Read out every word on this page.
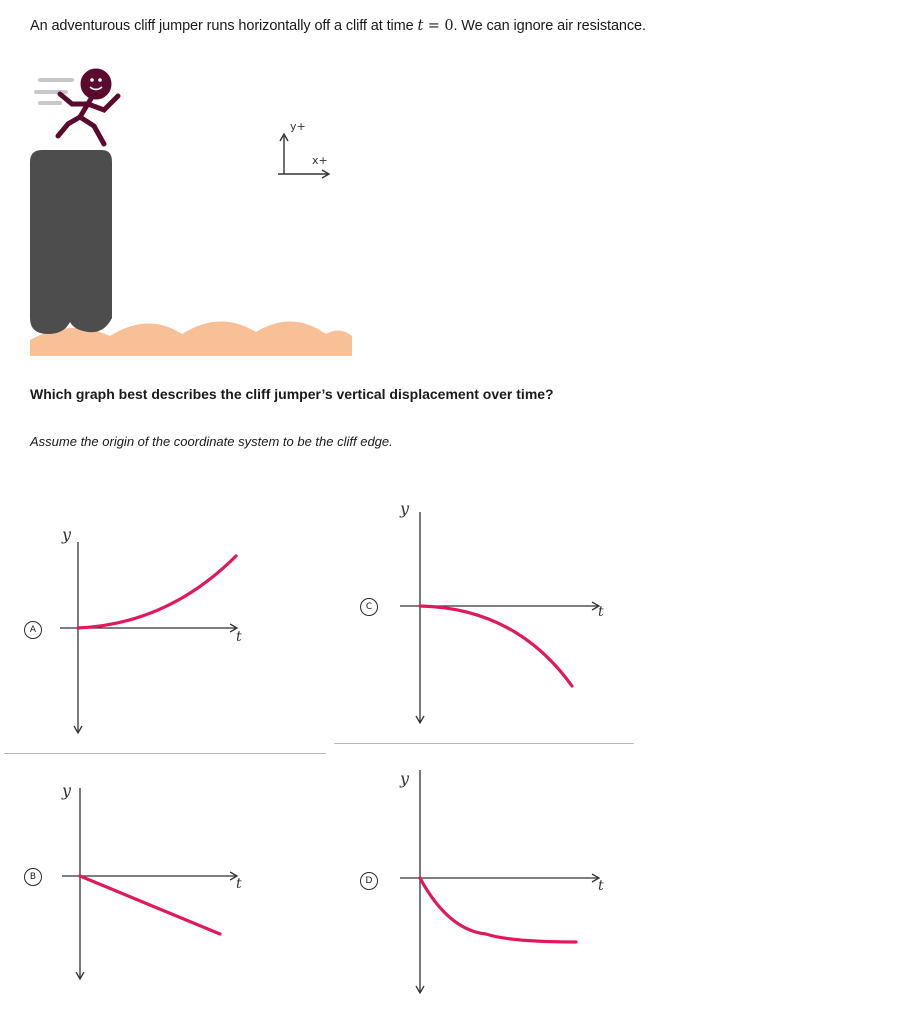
An adventurous cliff jumper runs horizontally off a cliff at time t = 0. We can ignore air resistance.
y+
x+
Which graph best describes the cliff jumper’s vertical displacement over time?
Assume the origin of the coordinate system to be the cliff edge.
A
y
t
C
y
t
B
y
t	D
y
t
